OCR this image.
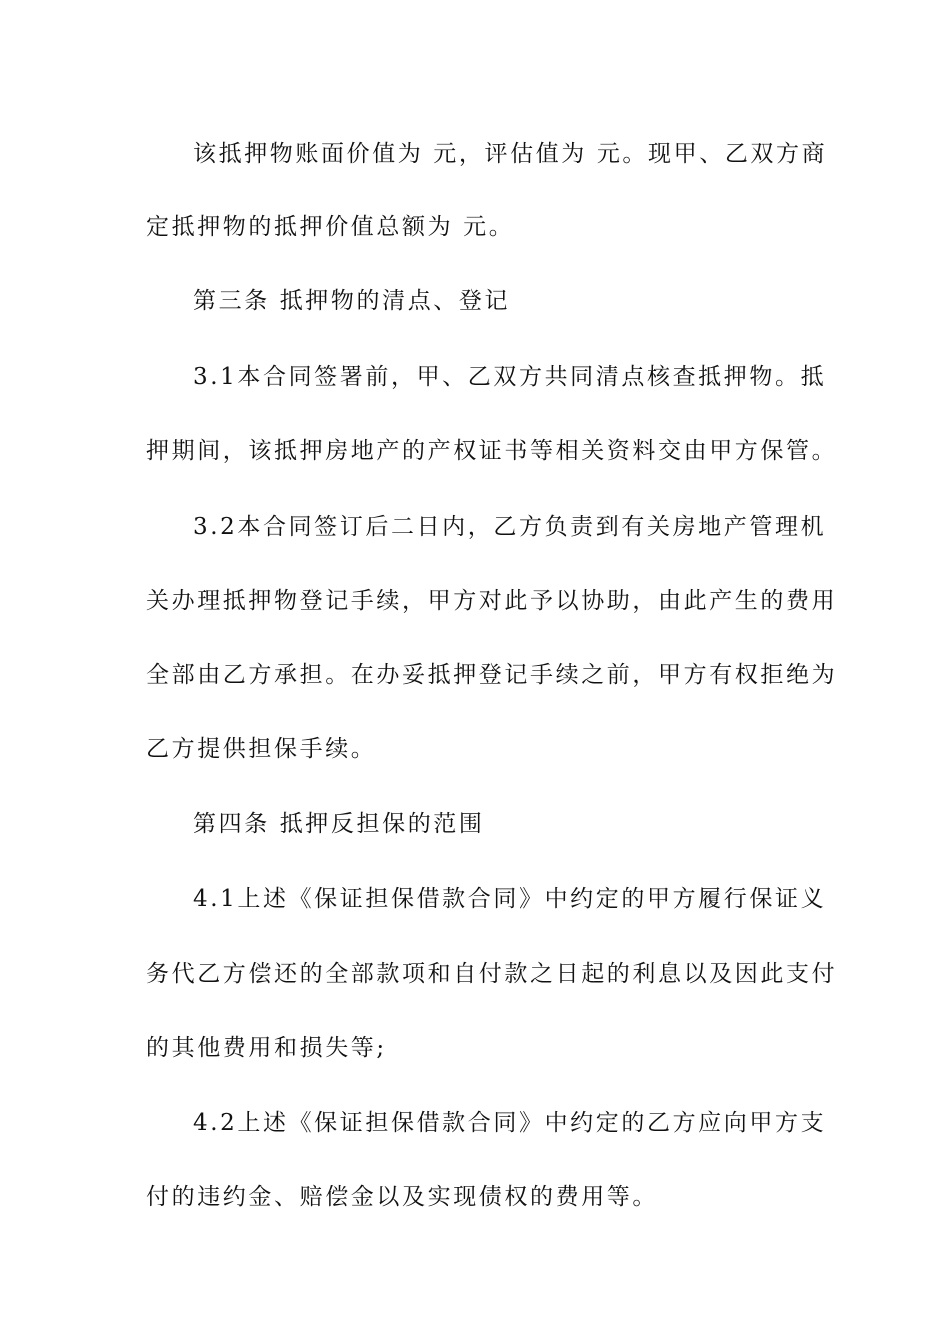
该抵押物账面价值为 元，评估值为 元。现甲、乙双方商
定抵押物的抵押价值总额为 元。
第三条 抵押物的清点、登记
3.1本合同签署前，甲、乙双方共同清点核查抵押物。抵
押期间，该抵押房地产的产权证书等相关资料交由甲方保管。
3.2本合同签订后二日内，乙方负责到有关房地产管理机
关办理抵押物登记手续，甲方对此予以协助，由此产生的费用
全部由乙方承担。在办妥抵押登记手续之前，甲方有权拒绝为
乙方提供担保手续。
第四条 抵押反担保的范围
4.1上述《保证担保借款合同》中约定的甲方履行保证义
务代乙方偿还的全部款项和自付款之日起的利息以及因此支付
的其他费用和损失等;
4.2上述《保证担保借款合同》中约定的乙方应向甲方支
付的违约金、赔偿金以及实现债权的费用等。
